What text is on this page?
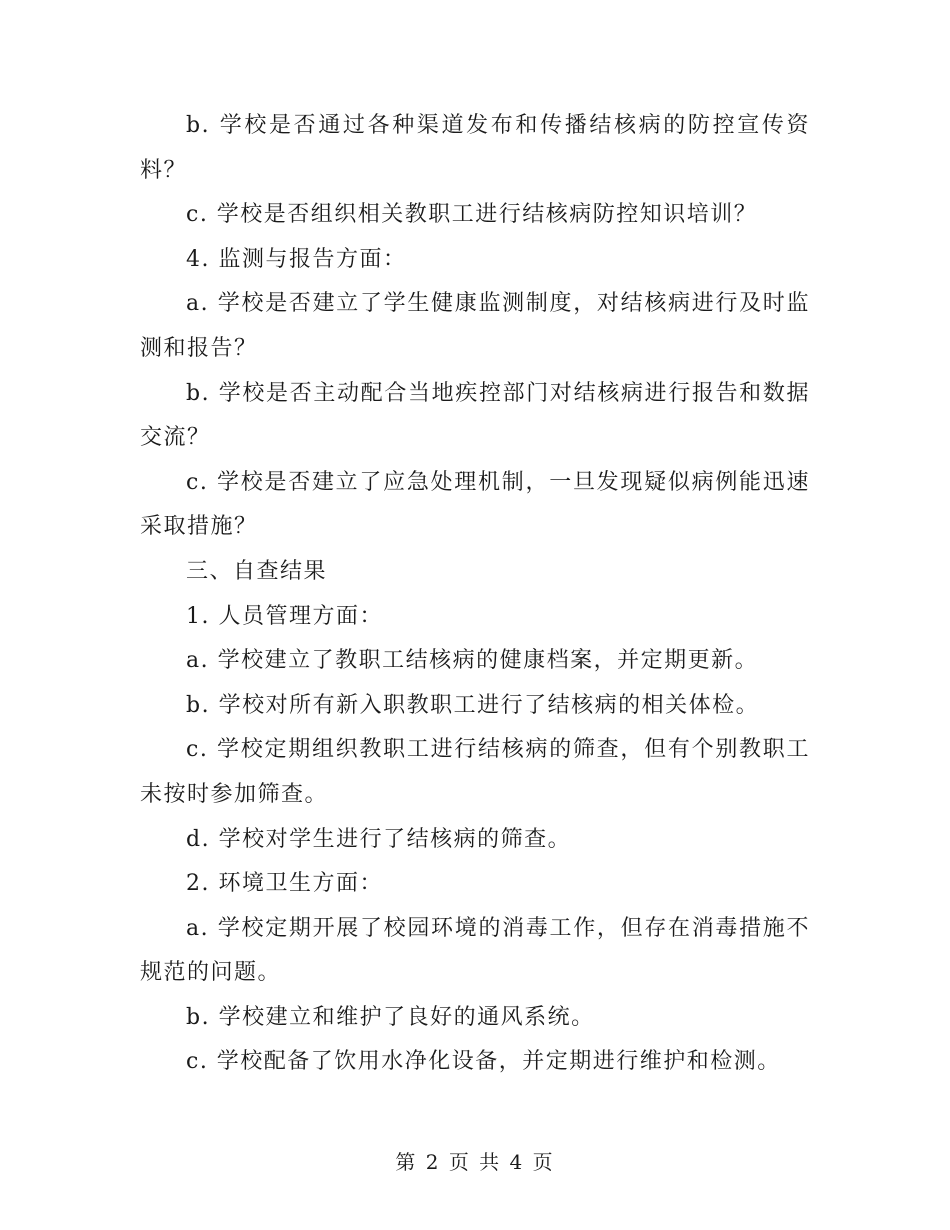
b. 学校是否通过各种渠道发布和传播结核病的防控宣传资料？

c. 学校是否组织相关教职工进行结核病防控知识培训？

4. 监测与报告方面：

a. 学校是否建立了学生健康监测制度，对结核病进行及时监测和报告？

b. 学校是否主动配合当地疾控部门对结核病进行报告和数据交流？

c. 学校是否建立了应急处理机制，一旦发现疑似病例能迅速采取措施？

三、自查结果

1. 人员管理方面：

a. 学校建立了教职工结核病的健康档案，并定期更新。

b. 学校对所有新入职教职工进行了结核病的相关体检。

c. 学校定期组织教职工进行结核病的筛查，但有个别教职工未按时参加筛查。

d. 学校对学生进行了结核病的筛查。

2. 环境卫生方面：

a. 学校定期开展了校园环境的消毒工作，但存在消毒措施不规范的问题。

b. 学校建立和维护了良好的通风系统。

c. 学校配备了饮用水净化设备，并定期进行维护和检测。

第 2 页 共 4 页
